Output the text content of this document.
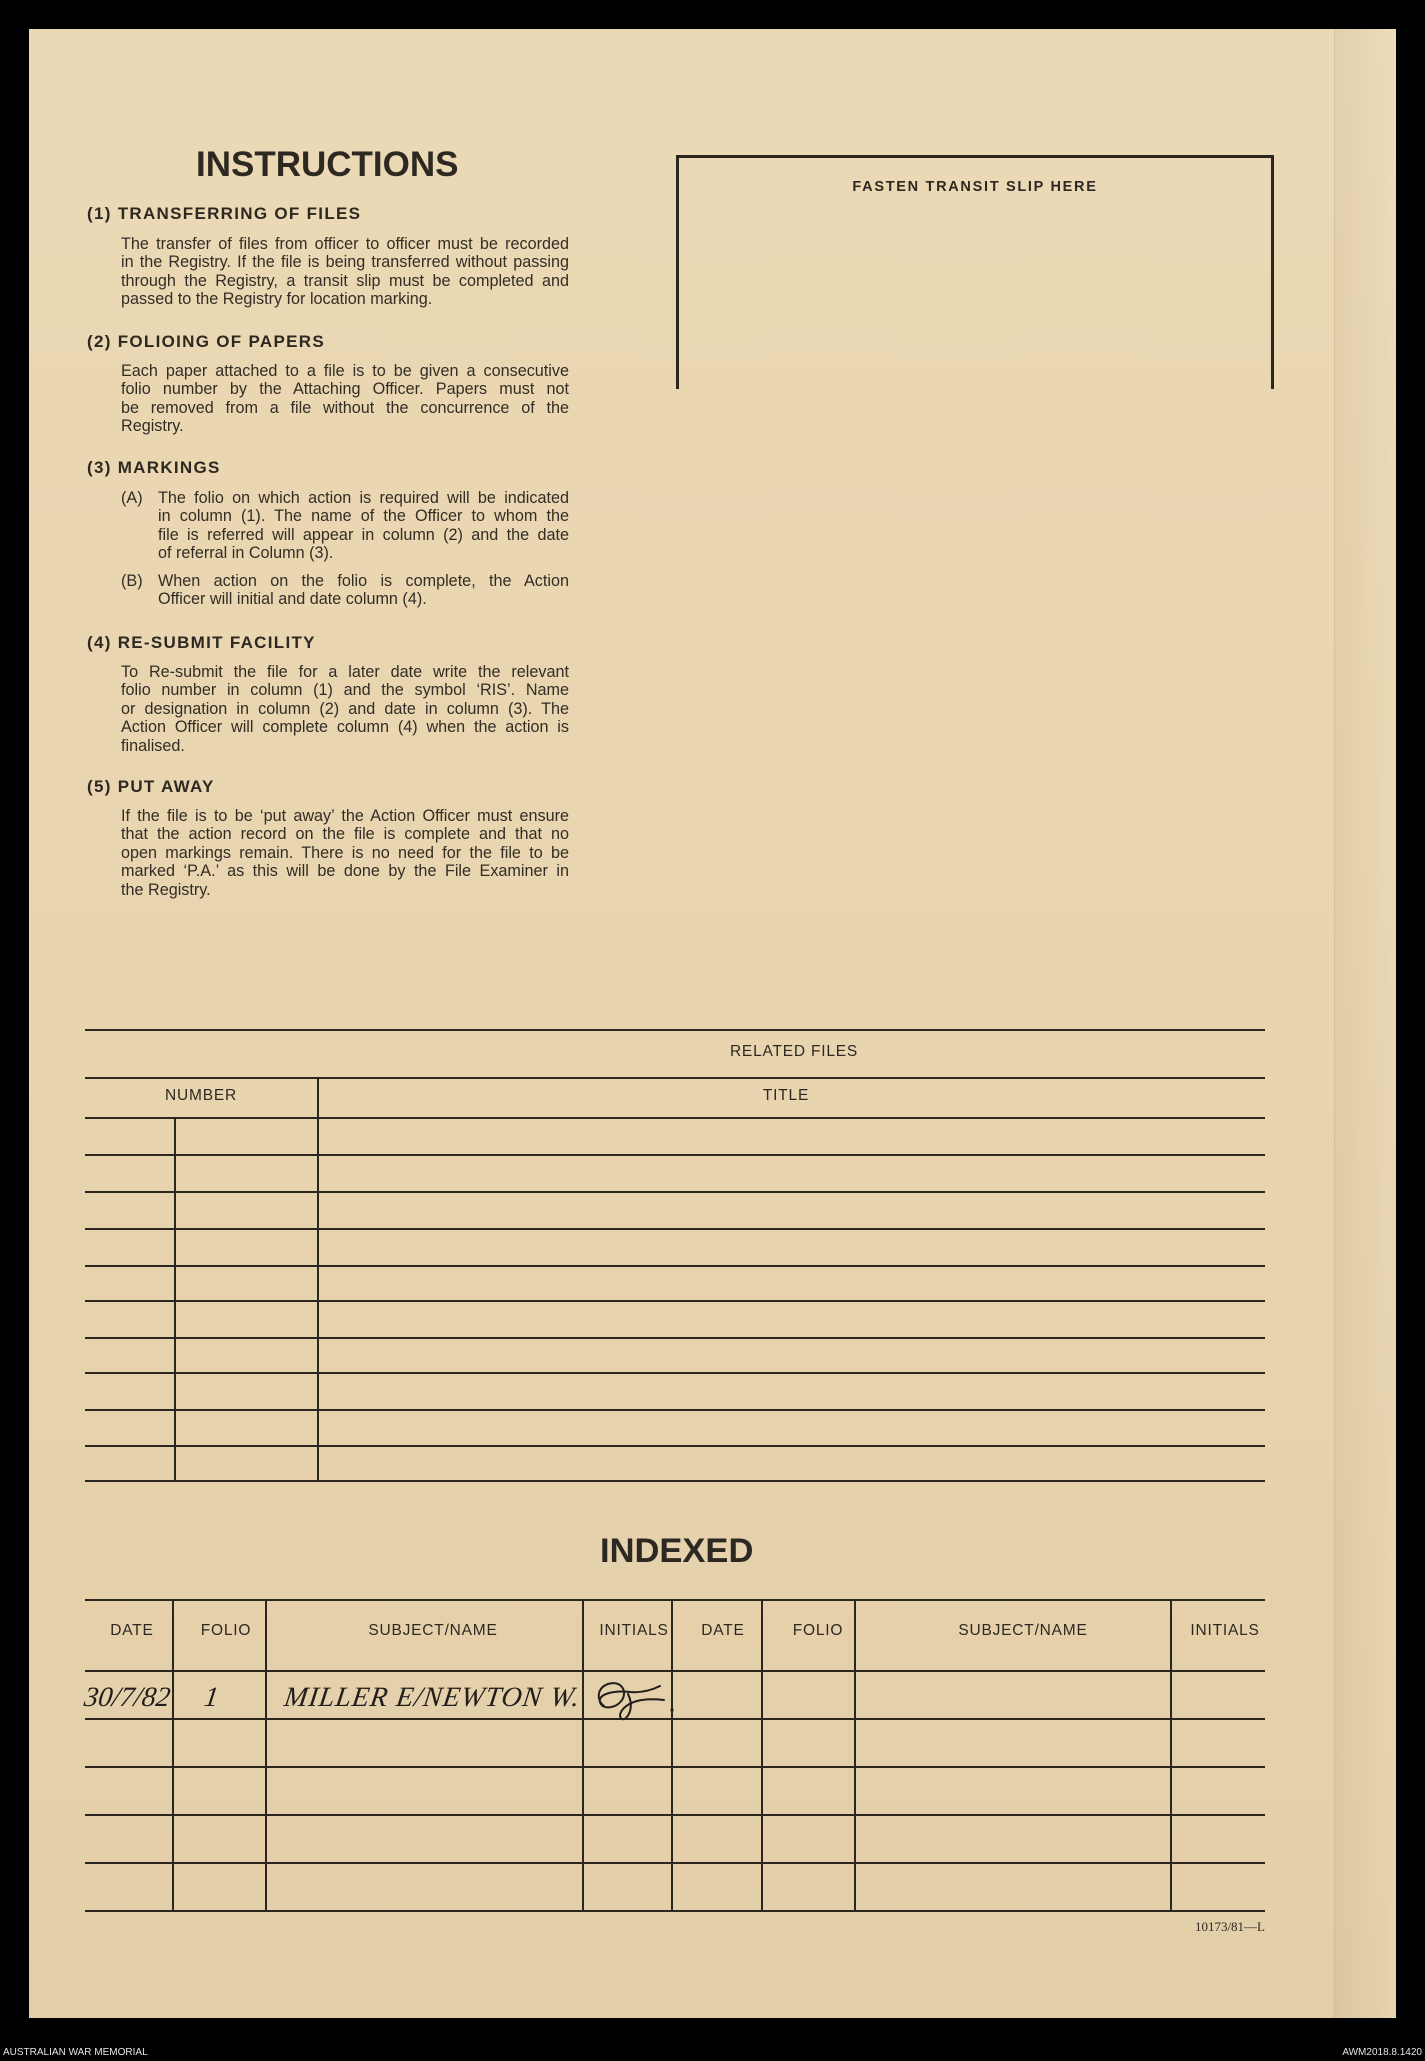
INSTRUCTIONS
(1) TRANSFERRING OF FILES
The transfer of files from officer to officer must be recorded
in the Registry. If the file is being transferred without passing
through the Registry, a transit slip must be completed and
passed to the Registry for location marking.
(2) FOLIOING OF PAPERS
Each paper attached to a file is to be given a consecutive
folio number by the Attaching Officer. Papers must not
be removed from a file without the concurrence of the
Registry.
(3) MARKINGS
(A) The folio on which action is required will be indicated
in column (1). The name of the Officer to whom the
file is referred will appear in column (2) and the date
of referral in Column (3).
(B) When action on the folio is complete, the Action
Officer will initial and date column (4).
(4) RE-SUBMIT FACILITY
To Re-submit the file for a later date write the relevant
folio number in column (1) and the symbol ‘RIS’. Name
or designation in column (2) and date in column (3). The
Action Officer will complete column (4) when the action is
finalised.
(5) PUT AWAY
If the file is to be ‘put away’ the Action Officer must ensure
that the action record on the file is complete and that no
open markings remain. There is no need for the file to be
marked ‘P.A.’ as this will be done by the File Examiner in
the Registry.
FASTEN TRANSIT SLIP HERE
RELATED FILES
NUMBER	TITLE
INDEXED
DATE	FOLIO	SUBJECT/NAME	INITIALS	DATE	FOLIO	SUBJECT/NAME	INITIALS
30/7/82 1 MILLER E/NEWTON W.
10173/81—L
AUSTRALIAN WAR MEMORIAL	AWM2018.8.1420
